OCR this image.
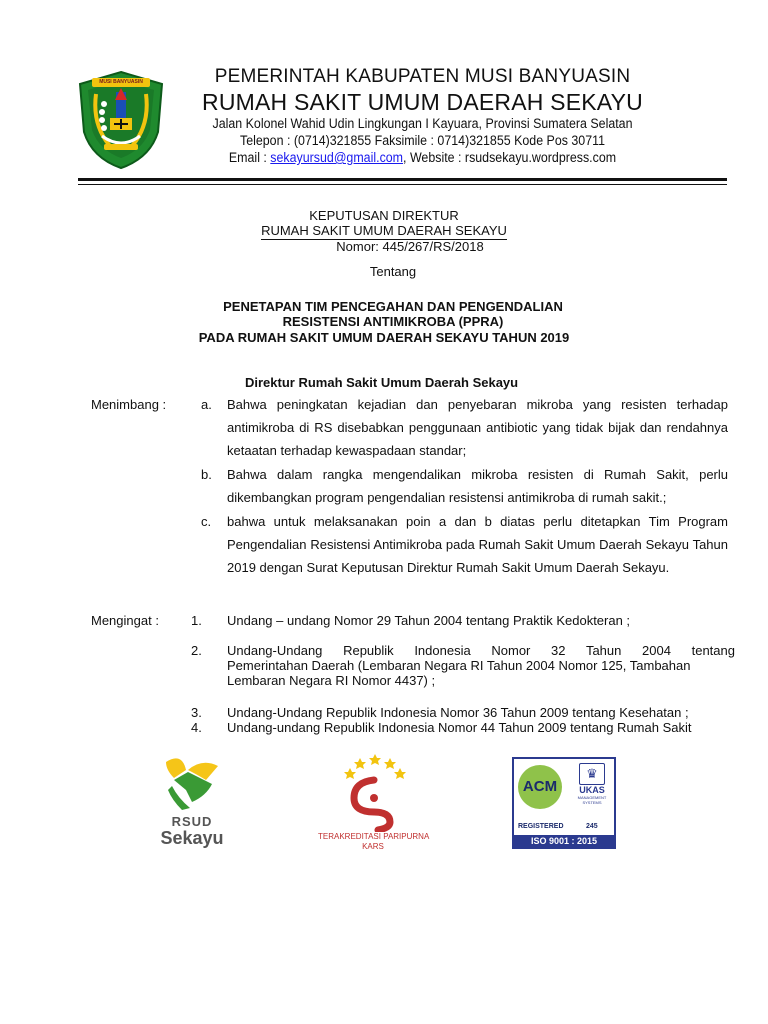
MUSI BANYUASIN	PEMERINTAH KABUPATEN MUSI BANYUASIN
RUMAH SAKIT UMUM DAERAH SEKAYU
Jalan Kolonel Wahid Udin Lingkungan I Kayuara, Provinsi Sumatera Selatan
Telepon : (0714)321855 Faksimile : 0714)321855 Kode Pos 30711
Email : sekayursud@gmail.com, Website : rsudsekayu.wordpress.com
KEPUTUSAN DIREKTUR
RUMAH SAKIT UMUM DAERAH SEKAYU
Nomor: 445/267/RS/2018
Tentang
PENETAPAN TIM PENCEGAHAN DAN PENGENDALIAN
RESISTENSI ANTIMIKROBA (PPRA)
PADA RUMAH SAKIT UMUM DAERAH SEKAYU TAHUN 2019
Direktur Rumah Sakit Umum Daerah Sekayu
Menimbang :	a. Bahwa peningkatan kejadian dan penyebaran mikroba yang resisten terhadap antimikroba di RS disebabkan penggunaan antibiotic yang tidak bijak dan rendahnya ketaatan terhadap kewaspadaan standar;
b. Bahwa dalam rangka mengendalikan mikroba resisten di Rumah Sakit, perlu dikembangkan program pengendalian resistensi antimikroba di rumah sakit.;
c. bahwa untuk melaksanakan poin a dan b diatas perlu ditetapkan Tim Program Pengendalian Resistensi Antimikroba pada Rumah Sakit Umum Daerah Sekayu Tahun 2019 dengan Surat Keputusan Direktur Rumah Sakit Umum Daerah Sekayu.
Mengingat : 1. Undang – undang Nomor 29 Tahun 2004 tentang Praktik Kedokteran ;
2. Undang-Undang Republik Indonesia Nomor 32 Tahun 2004 tentang
Pemerintahan Daerah (Lembaran Negara RI Tahun 2004 Nomor 125, Tambahan
Lembaran Negara RI Nomor 4437) ;
3. Undang-Undang Republik Indonesia Nomor 36 Tahun 2009 tentang Kesehatan ;
4. Undang-undang Republik Indonesia Nomor 44 Tahun 2009 tentang Rumah Sakit
RSUD
Sekayu	TERAKREDITASI PARIPURNA
KARS
ACM
♛
UKAS
MANAGEMENT SYSTEMS
REGISTERED	245
ISO 9001 : 2015
